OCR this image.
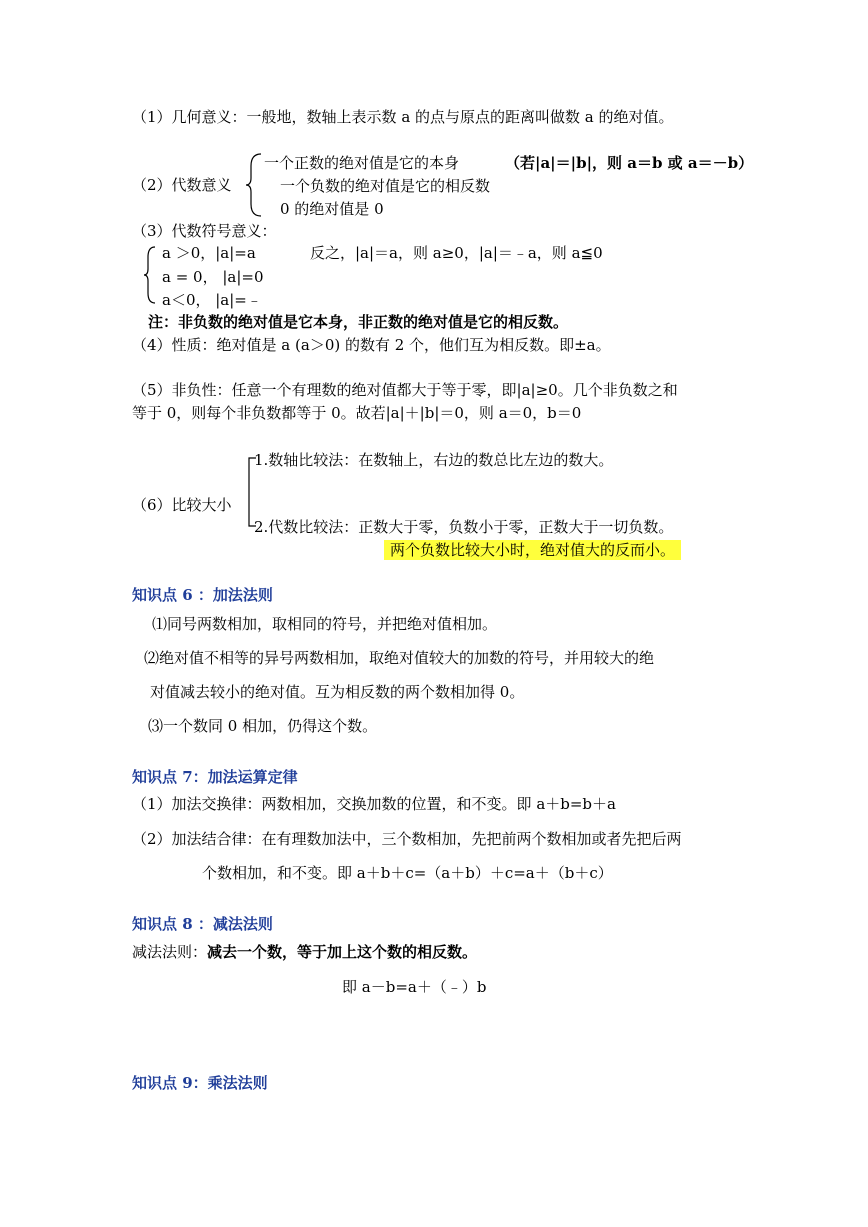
（1）几何意义：一般地，数轴上表示数 a 的点与原点的距离叫做数 a 的绝对值。
（2）代数意义
一个正数的绝对值是它的本身	（若|a|＝|b|，则 a＝b 或 a＝－b）
一个负数的绝对值是它的相反数
0 的绝对值是 0
（3）代数符号意义：
a ＞0，|a|=a	反之，|a|＝a，则 a≥0，|a|＝﹣a，则 a≦0
a = 0， |a|=0
a＜0， |a|=﹣
注：非负数的绝对值是它本身，非正数的绝对值是它的相反数。
（4）性质：绝对值是 a (a＞0) 的数有 2 个，他们互为相反数。即±a。
（5）非负性：任意一个有理数的绝对值都大于等于零，即|a|≥0。几个非负数之和
等于 0，则每个非负数都等于 0。故若|a|＋|b|＝0，则 a＝0，b＝0
（6）比较大小
1.数轴比较法：在数轴上，右边的数总比左边的数大。
2.代数比较法：正数大于零，负数小于零，正数大于一切负数。
两个负数比较大小时，绝对值大的反而小。
知识点 6 ：加法法则
⑴同号两数相加，取相同的符号，并把绝对值相加。
⑵绝对值不相等的异号两数相加，取绝对值较大的加数的符号，并用较大的绝
对值减去较小的绝对值。互为相反数的两个数相加得 0。
⑶一个数同 0 相加，仍得这个数。
知识点 7：加法运算定律
（1）加法交换律：两数相加，交换加数的位置，和不变。即 a＋b=b＋a
（2）加法结合律：在有理数加法中，三个数相加，先把前两个数相加或者先把后两
个数相加，和不变。即 a＋b＋c=（a＋b）＋c=a＋（b＋c）
知识点 8 ：减法法则
减法法则：减去一个数，等于加上这个数的相反数。
即 a－b=a＋（﹣）b
知识点 9：乘法法则
